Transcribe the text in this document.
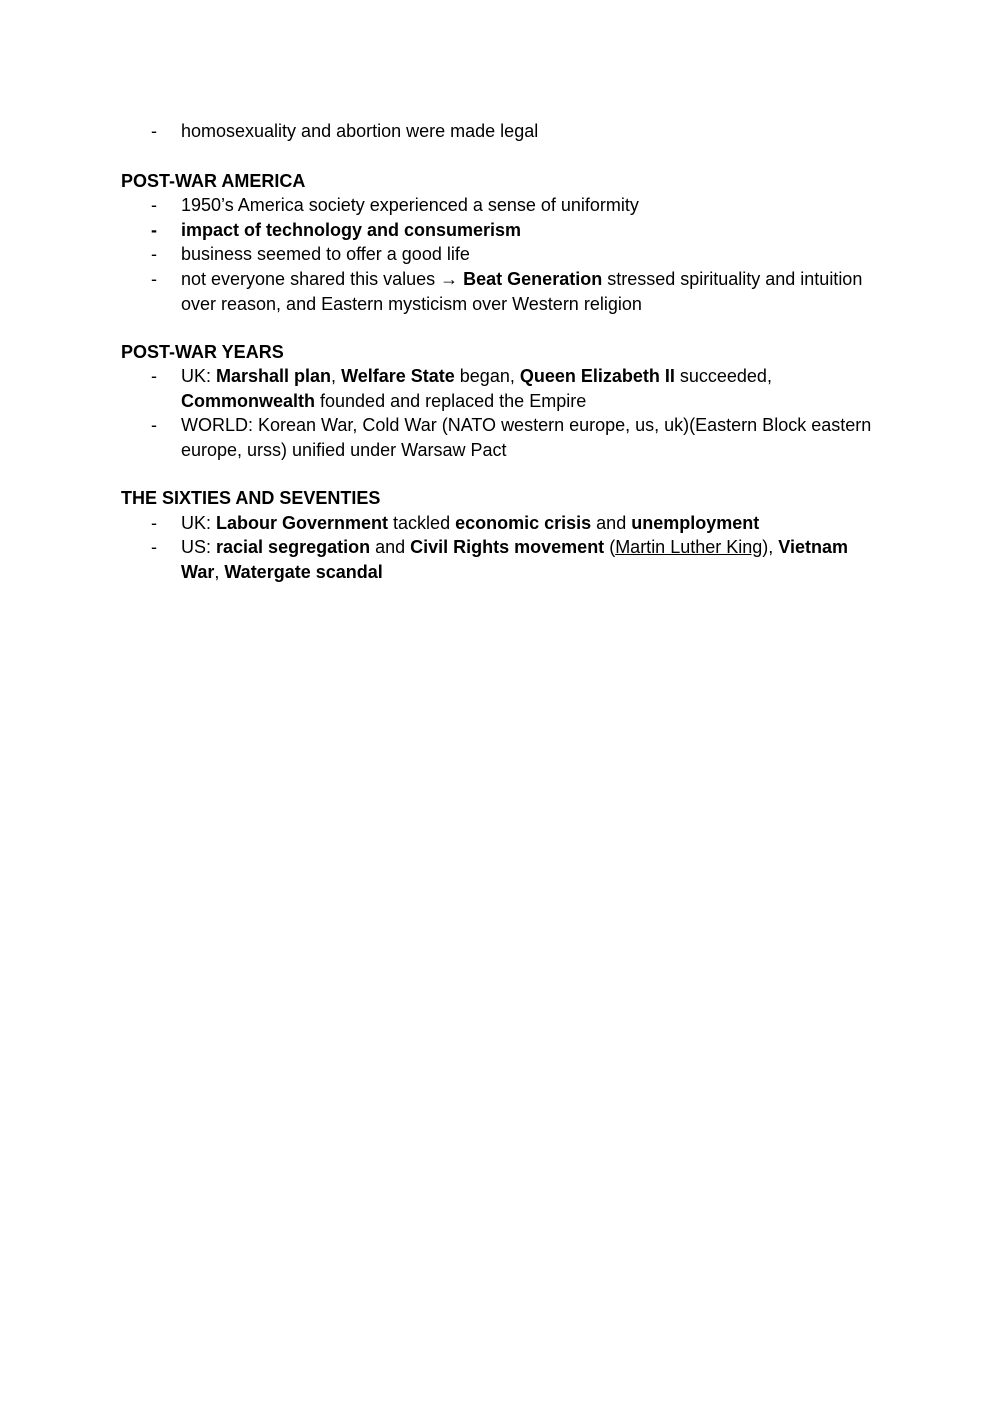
- homosexuality and abortion were made legal
POST-WAR AMERICA
- 1950’s America society experienced a sense of uniformity
- impact of technology and consumerism
- business seemed to offer a good life
- not everyone shared this values → Beat Generation stressed spirituality and intuition over reason, and Eastern mysticism over Western religion
POST-WAR YEARS
- UK: Marshall plan, Welfare State began, Queen Elizabeth II succeeded, Commonwealth founded and replaced the Empire
- WORLD: Korean War, Cold War (NATO western europe, us, uk)(Eastern Block eastern europe, urss) unified under Warsaw Pact
THE SIXTIES AND SEVENTIES
- UK: Labour Government tackled economic crisis and unemployment
- US: racial segregation and Civil Rights movement (Martin Luther King), Vietnam War, Watergate scandal
